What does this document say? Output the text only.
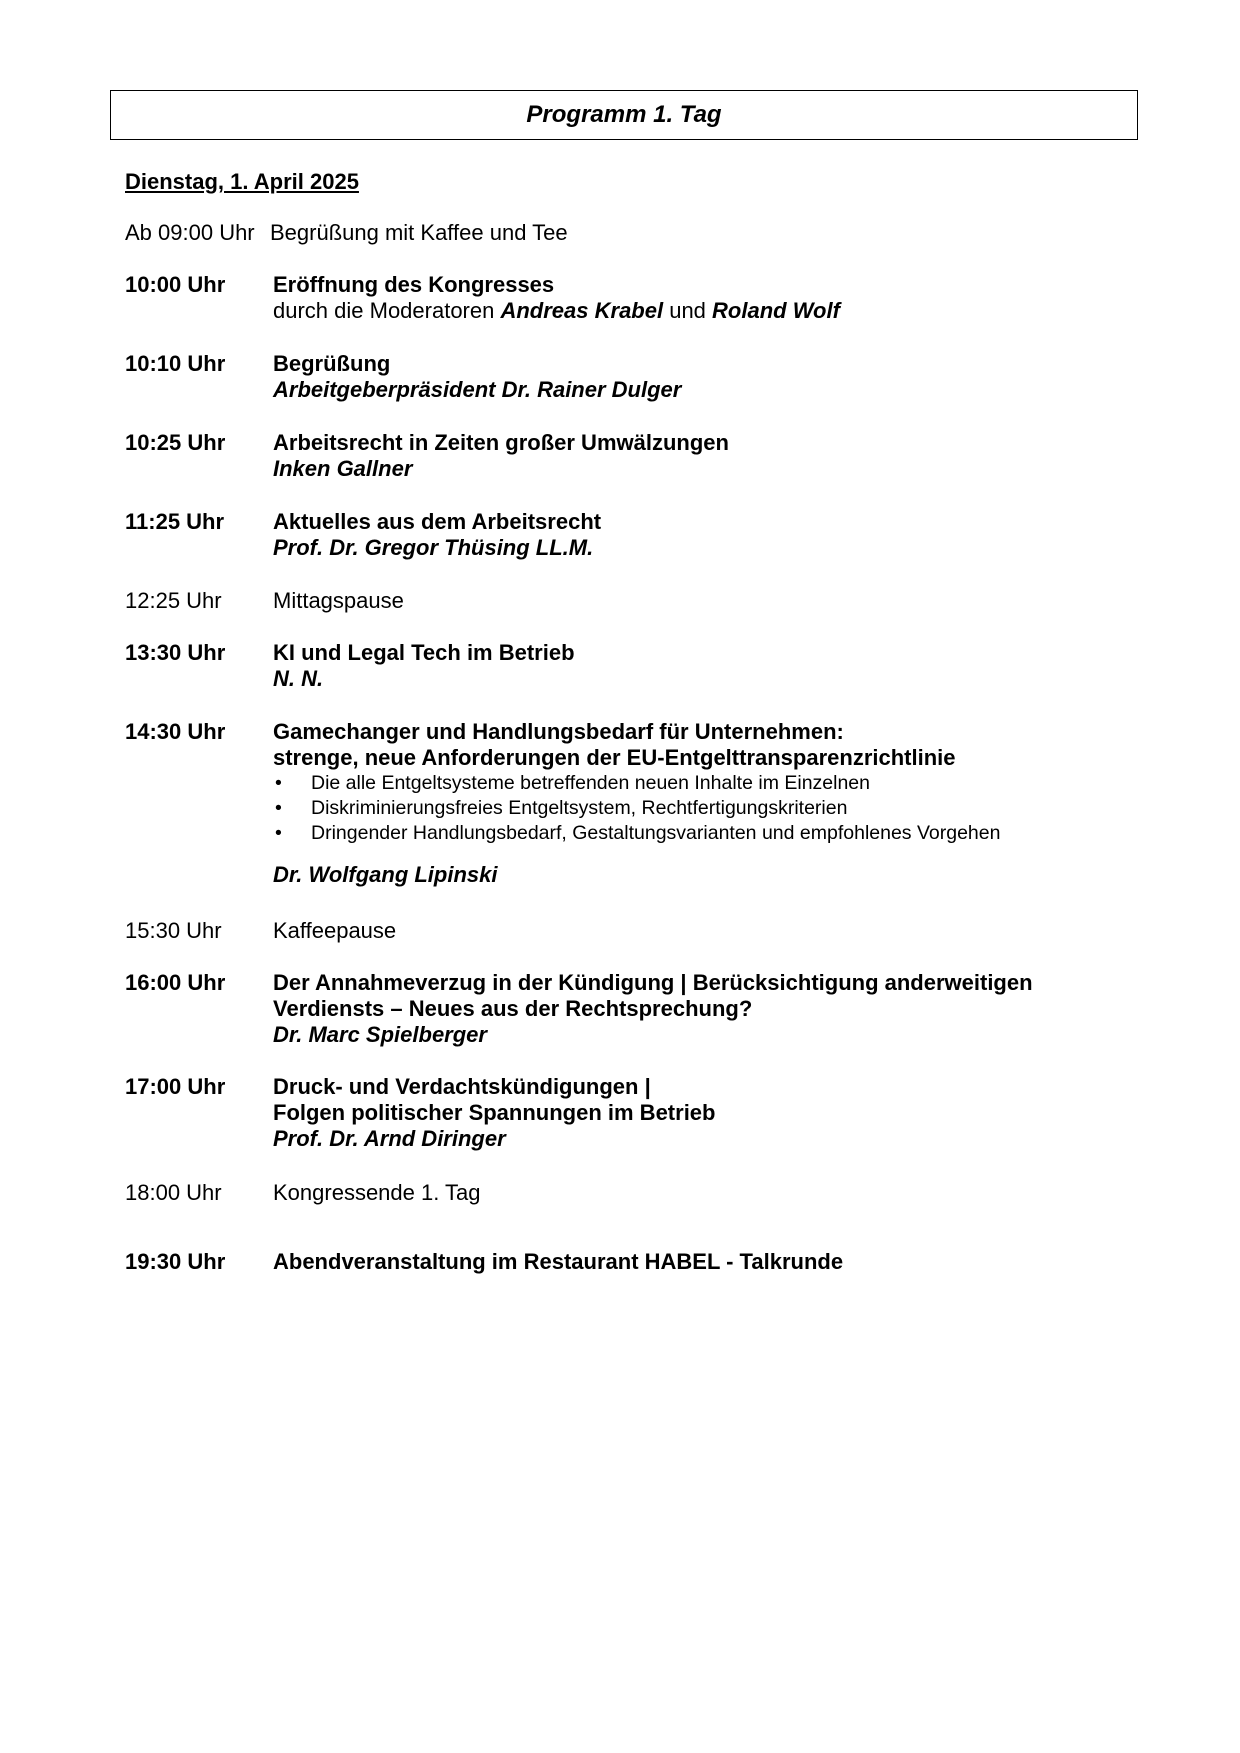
Programm 1. Tag
Dienstag, 1. April 2025
Ab 09:00 Uhr Begrüßung mit Kaffee und Tee
10:00 Uhr Eröffnung des Kongresses
durch die Moderatoren Andreas Krabel und Roland Wolf
10:10 Uhr Begrüßung
Arbeitgeberpräsident Dr. Rainer Dulger
10:25 Uhr Arbeitsrecht in Zeiten großer Umwälzungen
Inken Gallner
11:25 Uhr Aktuelles aus dem Arbeitsrecht
Prof. Dr. Gregor Thüsing LL.M.
12:25 Uhr Mittagspause
13:30 Uhr KI und Legal Tech im Betrieb
N. N.
14:30 Uhr Gamechanger und Handlungsbedarf für Unternehmen:
strenge, neue Anforderungen der EU-Entgelttransparenzrichtlinie
• Die alle Entgeltsysteme betreffenden neuen Inhalte im Einzelnen
• Diskriminierungsfreies Entgeltsystem, Rechtfertigungskriterien
• Dringender Handlungsbedarf, Gestaltungsvarianten und empfohlenes Vorgehen
Dr. Wolfgang Lipinski
15:30 Uhr Kaffeepause
16:00 Uhr Der Annahmeverzug in der Kündigung | Berücksichtigung anderweitigen
Verdiensts – Neues aus der Rechtsprechung?
Dr. Marc Spielberger
17:00 Uhr Druck- und Verdachtskündigungen |
Folgen politischer Spannungen im Betrieb
Prof. Dr. Arnd Diringer
18:00 Uhr Kongressende 1. Tag
19:30 Uhr Abendveranstaltung im Restaurant HABEL - Talkrunde
